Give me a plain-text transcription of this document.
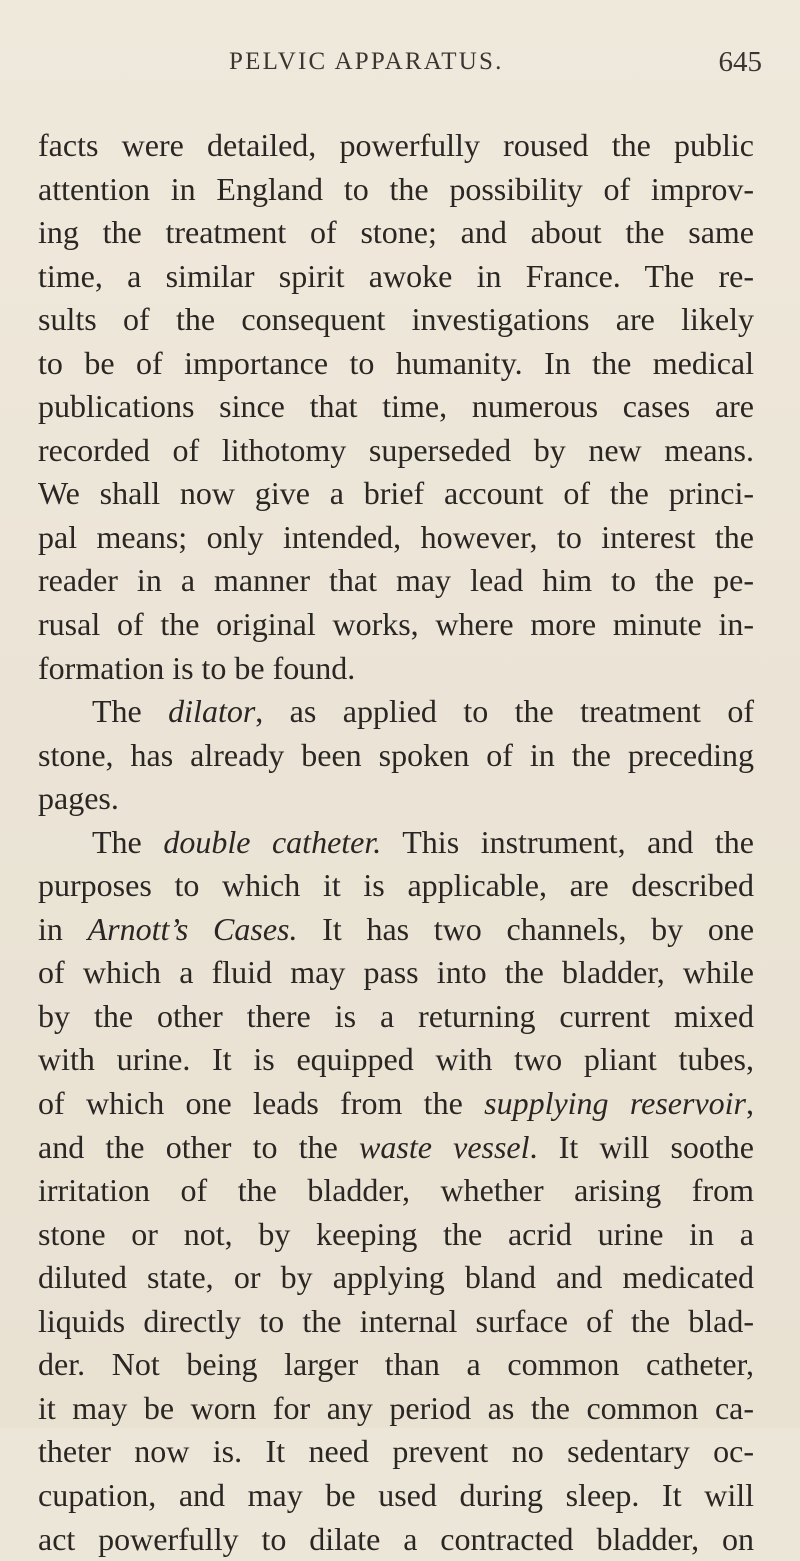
PELVIC APPARATUS.	645
facts were detailed, powerfully roused the public
attention in England to the possibility of improv-
ing the treatment of stone; and about the same
time, a similar spirit awoke in France. The re-
sults of the consequent investigations are likely
to be of importance to humanity. In the medical
publications since that time, numerous cases are
recorded of lithotomy superseded by new means.
We shall now give a brief account of the princi-
pal means; only intended, however, to interest the
reader in a manner that may lead him to the pe-
rusal of the original works, where more minute in-
formation is to be found.
The dilator, as applied to the treatment of
stone, has already been spoken of in the preceding
pages.
The double catheter. This instrument, and the
purposes to which it is applicable, are described
in Arnott’s Cases. It has two channels, by one
of which a fluid may pass into the bladder, while
by the other there is a returning current mixed
with urine. It is equipped with two pliant tubes,
of which one leads from the supplying reservoir,
and the other to the waste vessel. It will soothe
irritation of the bladder, whether arising from
stone or not, by keeping the acrid urine in a
diluted state, or by applying bland and medicated
liquids directly to the internal surface of the blad-
der. Not being larger than a common catheter,
it may be worn for any period as the common ca-
theter now is. It need prevent no sedentary oc-
cupation, and may be used during sleep. It will
act powerfully to dilate a contracted bladder, on
